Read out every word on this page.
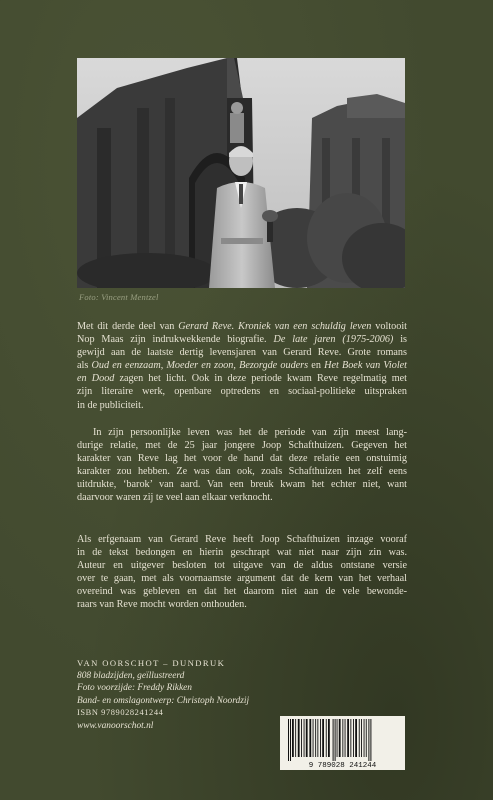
Foto: Vincent Mentzel

Met dit derde deel van Gerard Reve. Kroniek van een schuldig leven voltooit
Nop Maas zijn indrukwekkende biografie. De late jaren (1975-2006) is
gewijd aan de laatste dertig levensjaren van Gerard Reve. Grote romans
als Oud en eenzaam, Moeder en zoon, Bezorgde ouders en Het Boek van Violet
en Dood zagen het licht. Ook in deze periode kwam Reve regelmatig met
zijn literaire werk, openbare optredens en sociaal-politieke uitspraken
in de publiciteit.

In zijn persoonlijke leven was het de periode van zijn meest lang-
durige relatie, met de 25 jaar jongere Joop Schafthuizen. Gegeven het
karakter van Reve lag het voor de hand dat deze relatie een onstuimig
karakter zou hebben. Ze was dan ook, zoals Schafthuizen het zelf eens
uitdrukte, ‘barok’ van aard. Van een breuk kwam het echter niet, want
daarvoor waren zij te veel aan elkaar verknocht.

Als erfgenaam van Gerard Reve heeft Joop Schafthuizen inzage vooraf
in de tekst bedongen en hierin geschrapt wat niet naar zijn zin was.
Auteur en uitgever besloten tot uitgave van de aldus ontstane versie
over te gaan, met als voornaamste argument dat de kern van het verhaal
overeind was gebleven en dat het daarom niet aan de vele bewonde-
raars van Reve mocht worden onthouden.

VAN OORSCHOT – DUNDRUK
808 bladzijden, geïllustreerd
Foto voorzijde: Freddy Rikken
Band- en omslagontwerp: Christoph Noordzij
ISBN 9789028241244
www.vanoorschot.nl
9 789028 241244
